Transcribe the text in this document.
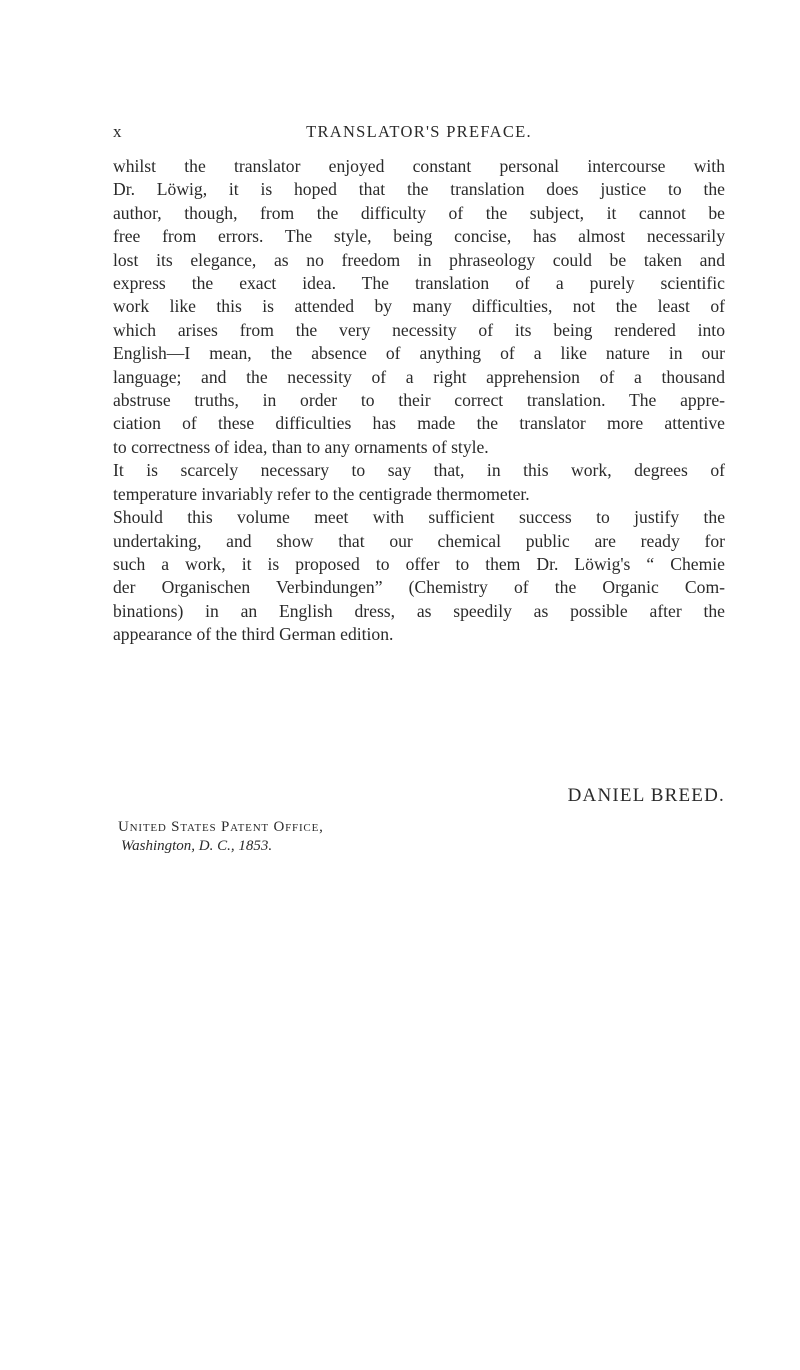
x	TRANSLATOR'S PREFACE.
whilst the translator enjoyed constant personal intercourse with
Dr. Löwig, it is hoped that the translation does justice to the
author, though, from the difficulty of the subject, it cannot be
free from errors. The style, being concise, has almost necessarily
lost its elegance, as no freedom in phraseology could be taken and
express the exact idea. The translation of a purely scientific
work like this is attended by many difficulties, not the least of
which arises from the very necessity of its being rendered into
English—I mean, the absence of anything of a like nature in our
language; and the necessity of a right apprehension of a thousand
abstruse truths, in order to their correct translation. The appre-
ciation of these difficulties has made the translator more attentive
to correctness of idea, than to any ornaments of style.
It is scarcely necessary to say that, in this work, degrees of
temperature invariably refer to the centigrade thermometer.
Should this volume meet with sufficient success to justify the
undertaking, and show that our chemical public are ready for
such a work, it is proposed to offer to them Dr. Löwig's “ Chemie
der Organischen Verbindungen” (Chemistry of the Organic Com-
binations) in an English dress, as speedily as possible after the
appearance of the third German edition.
DANIEL BREED.
United States Patent Office,
Washington, D. C., 1853.
